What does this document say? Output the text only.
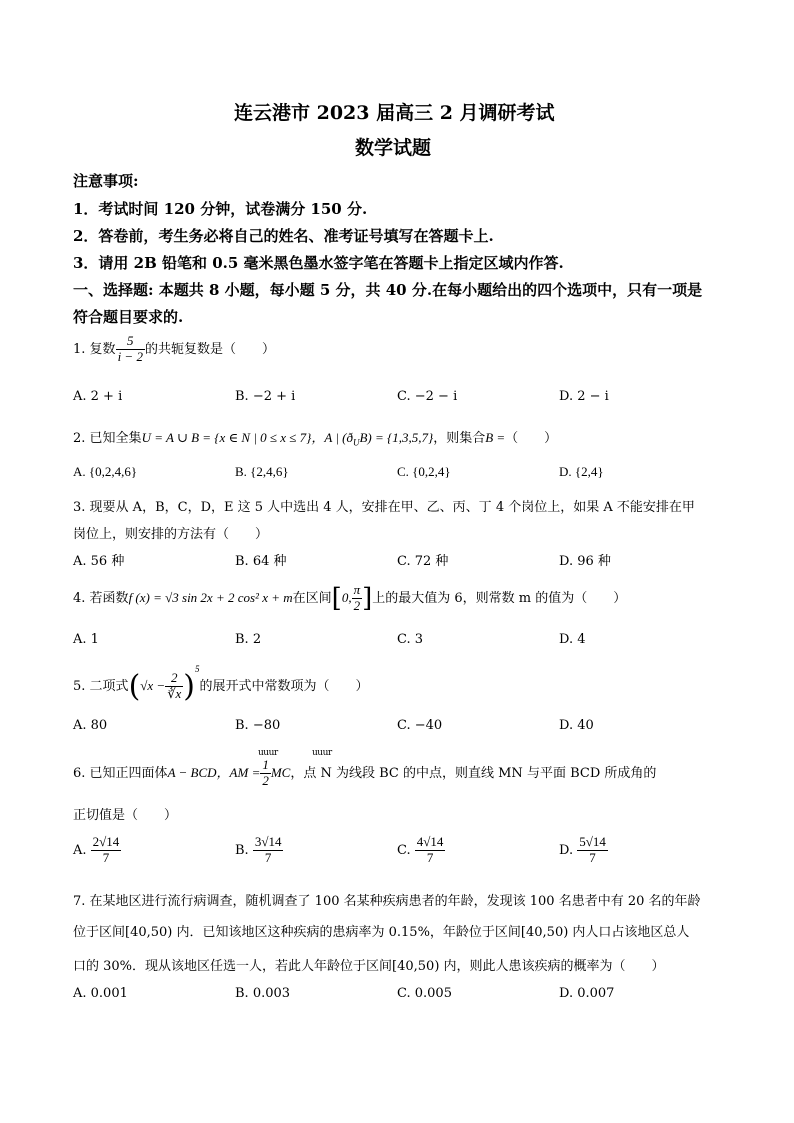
连云港市 2023 届高三 2 月调研考试
数学试题
注意事项:
1．考试时间 120 分钟，试卷满分 150 分.
2．答卷前，考生务必将自己的姓名、准考证号填写在答题卡上.
3．请用 2B 铅笔和 0.5 毫米黑色墨水签字笔在答题卡上指定区域内作答.
一、选择题: 本题共 8 小题，每小题 5 分，共 40 分.在每小题给出的四个选项中，只有一项是
符合题目要求的.
1. 复数 $\frac{5}{i - 2}$ 的共轭复数是（　　）
A. 2 + i	B. −2 + i	C. −2 − i	D. 2 − i
2. 已知全集U = A ∪ B = {x ∈ N | 0 ≤ x ≤ 7}，A | $(ð_UB) = \{1,3,5,7\}$，则集合B =（　　）
A. {0,2,4,6}	B. {2,4,6}	C. {0,2,4}	D. {2,4}
3. 现要从 A，B，C，D，E 这 5 人中选出 4 人，安排在甲、乙、丙、丁 4 个岗位上，如果 A 不能安排在甲
岗位上，则安排的方法有（　　）
A. 56 种	B. 64 种	C. 72 种	D. 96 种
4. 若函数f (x) = √3 sin 2x + 2 cos² x + m在区间[0, $\frac{\pi}{2}$ ]上的最大值为 6，则常数 m 的值为（　　）
A. 1	B. 2	C. 3	D. 4
5. 二项式$(√x - \frac{2}{∛x} )^5$的展开式中常数项为（　　）
A. 80	B. −80	C. −40	D. 40
uuur	uuur
6. 已知正四面体A − BCD，AM = $\frac{1}{2}$ MC，点 N 为线段 BC 的中点，则直线 MN 与平面 BCD 所成角的
正切值是（　　）
A. $\frac{2√14}{7}$	B. $\frac{3√14}{7}$	C. $\frac{4√14}{7}$	D. $\frac{5√14}{7}$
7. 在某地区进行流行病调查，随机调查了 100 名某种疾病患者的年龄，发现该 100 名患者中有 20 名的年龄
位于区间[40,50) 内．已知该地区这种疾病的患病率为 0.15%，年龄位于区间[40,50) 内人口占该地区总人
口的 30%．现从该地区任选一人，若此人年龄位于区间[40,50) 内，则此人患该疾病的概率为（　　）
A. 0.001	B. 0.003	C. 0.005	D. 0.007
